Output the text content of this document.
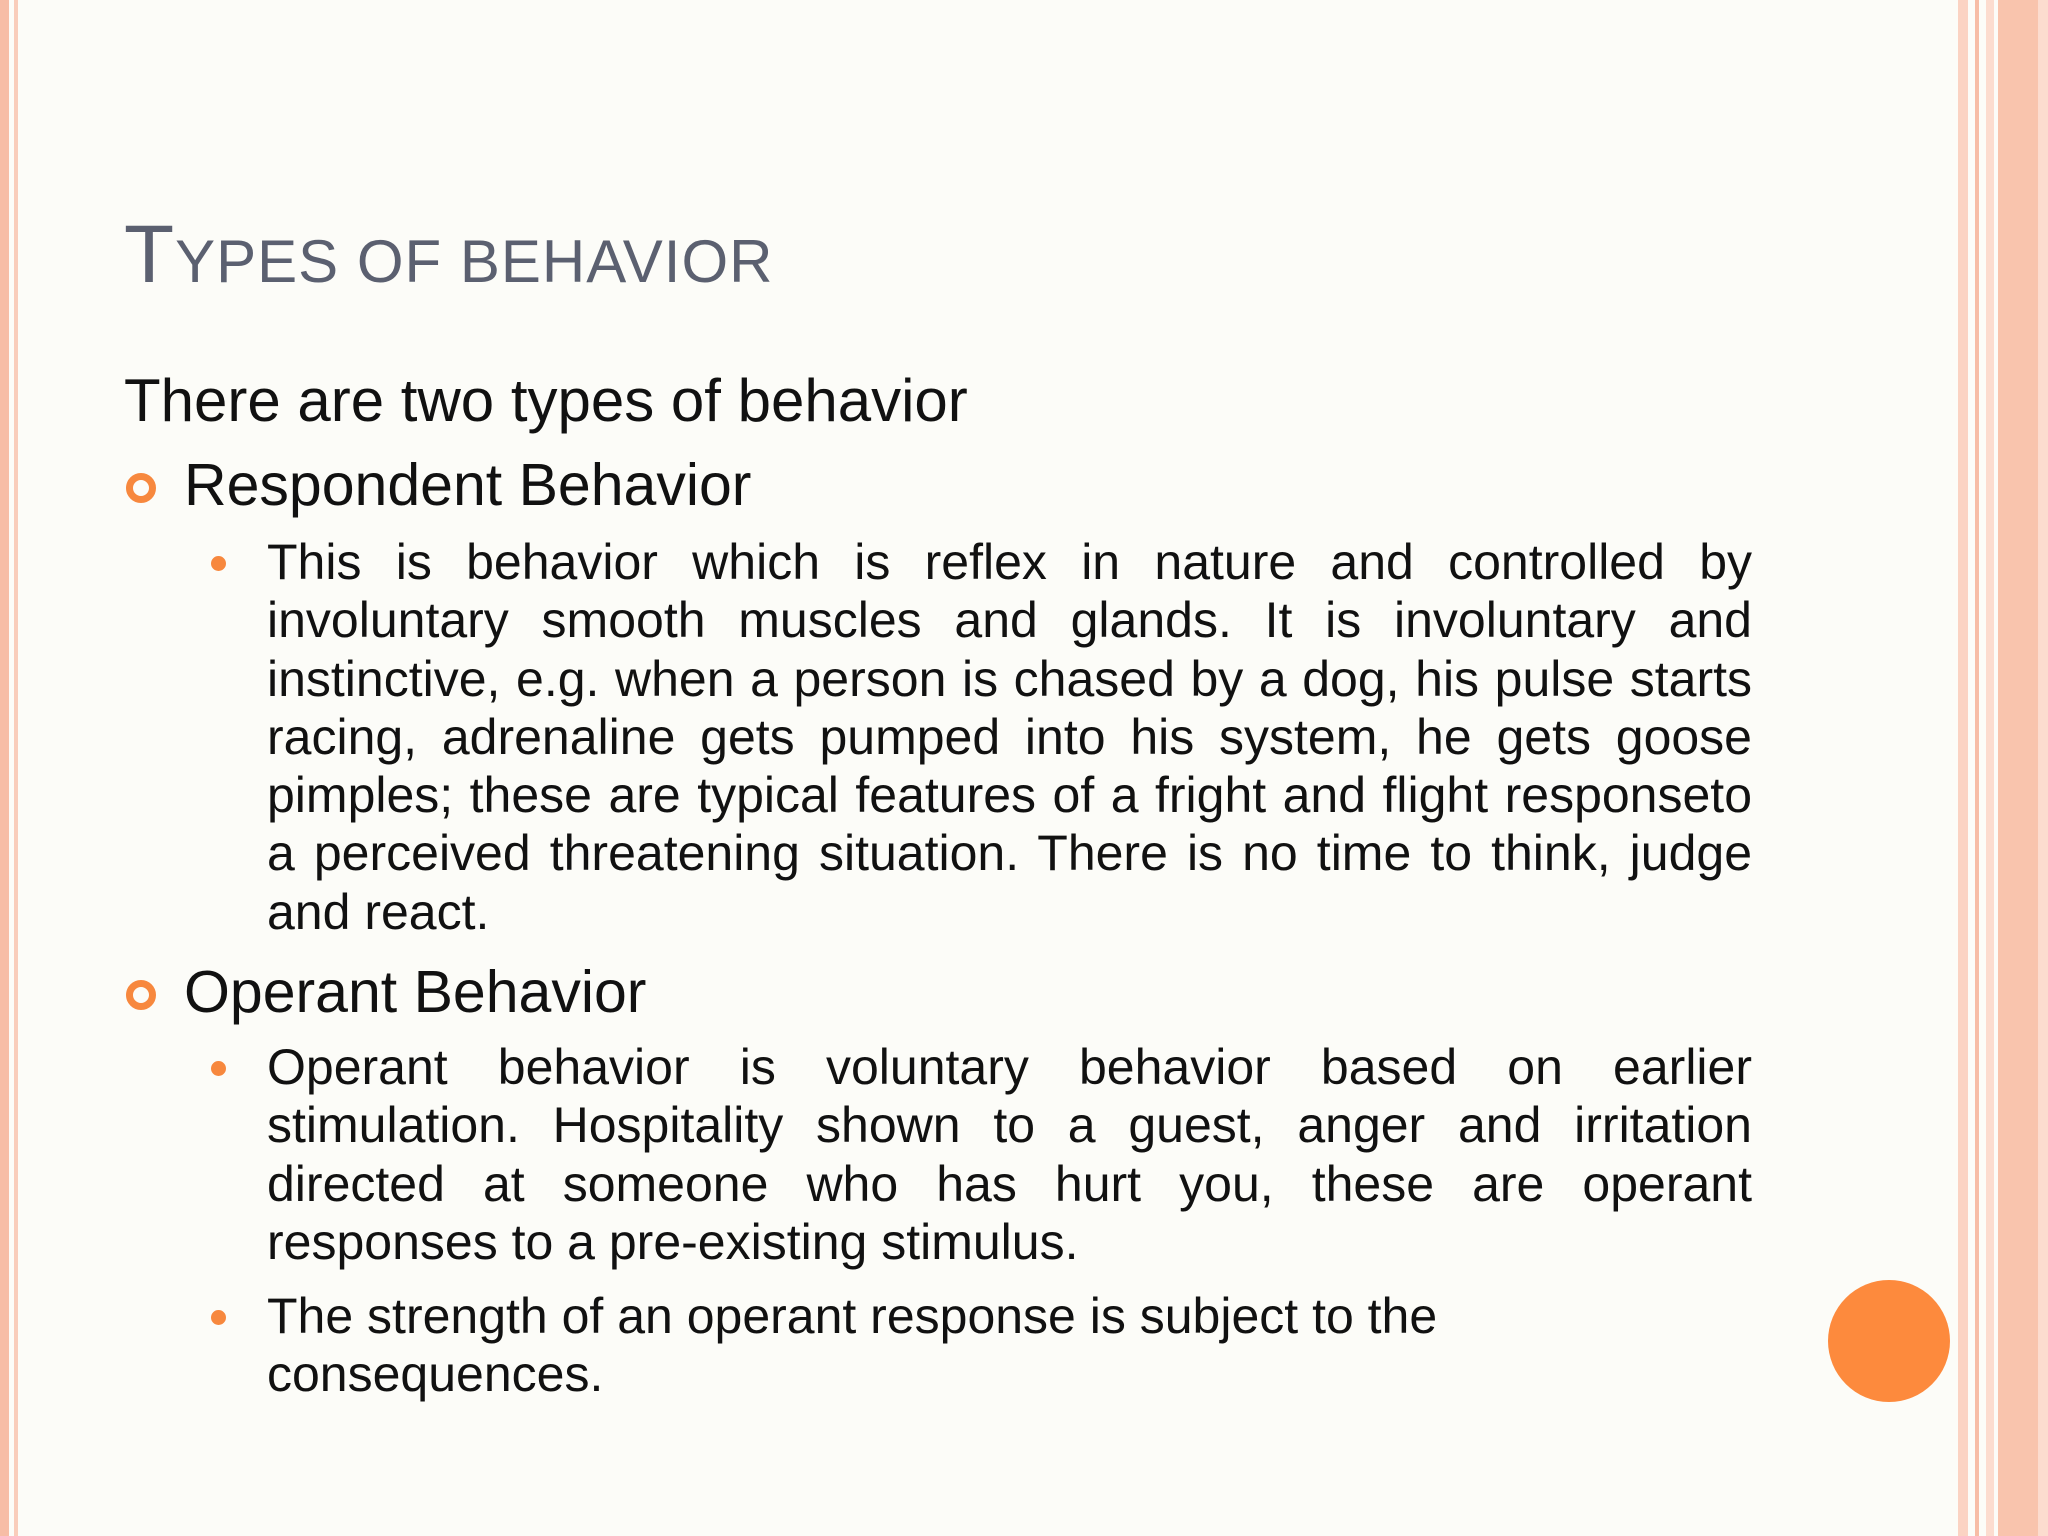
TYPES OF BEHAVIOR

There are two types of behavior

Respondent Behavior

This is behavior which is reflex in nature and controlled by involuntary smooth muscles and glands. It is involuntary and instinctive, e.g. when a person is chased by a dog, his pulse starts racing, adrenaline gets pumped into his system, he gets goose pimples; these are typical features of a fright and flight responseto a perceived threatening situation. There is no time to think, judge and react.

Operant Behavior

Operant behavior is voluntary behavior based on earlier stimulation. Hospitality shown to a guest, anger and irritation directed at someone who has hurt you, these are operant responses to a pre-existing stimulus.

The strength of an operant response is subject to the consequences.
